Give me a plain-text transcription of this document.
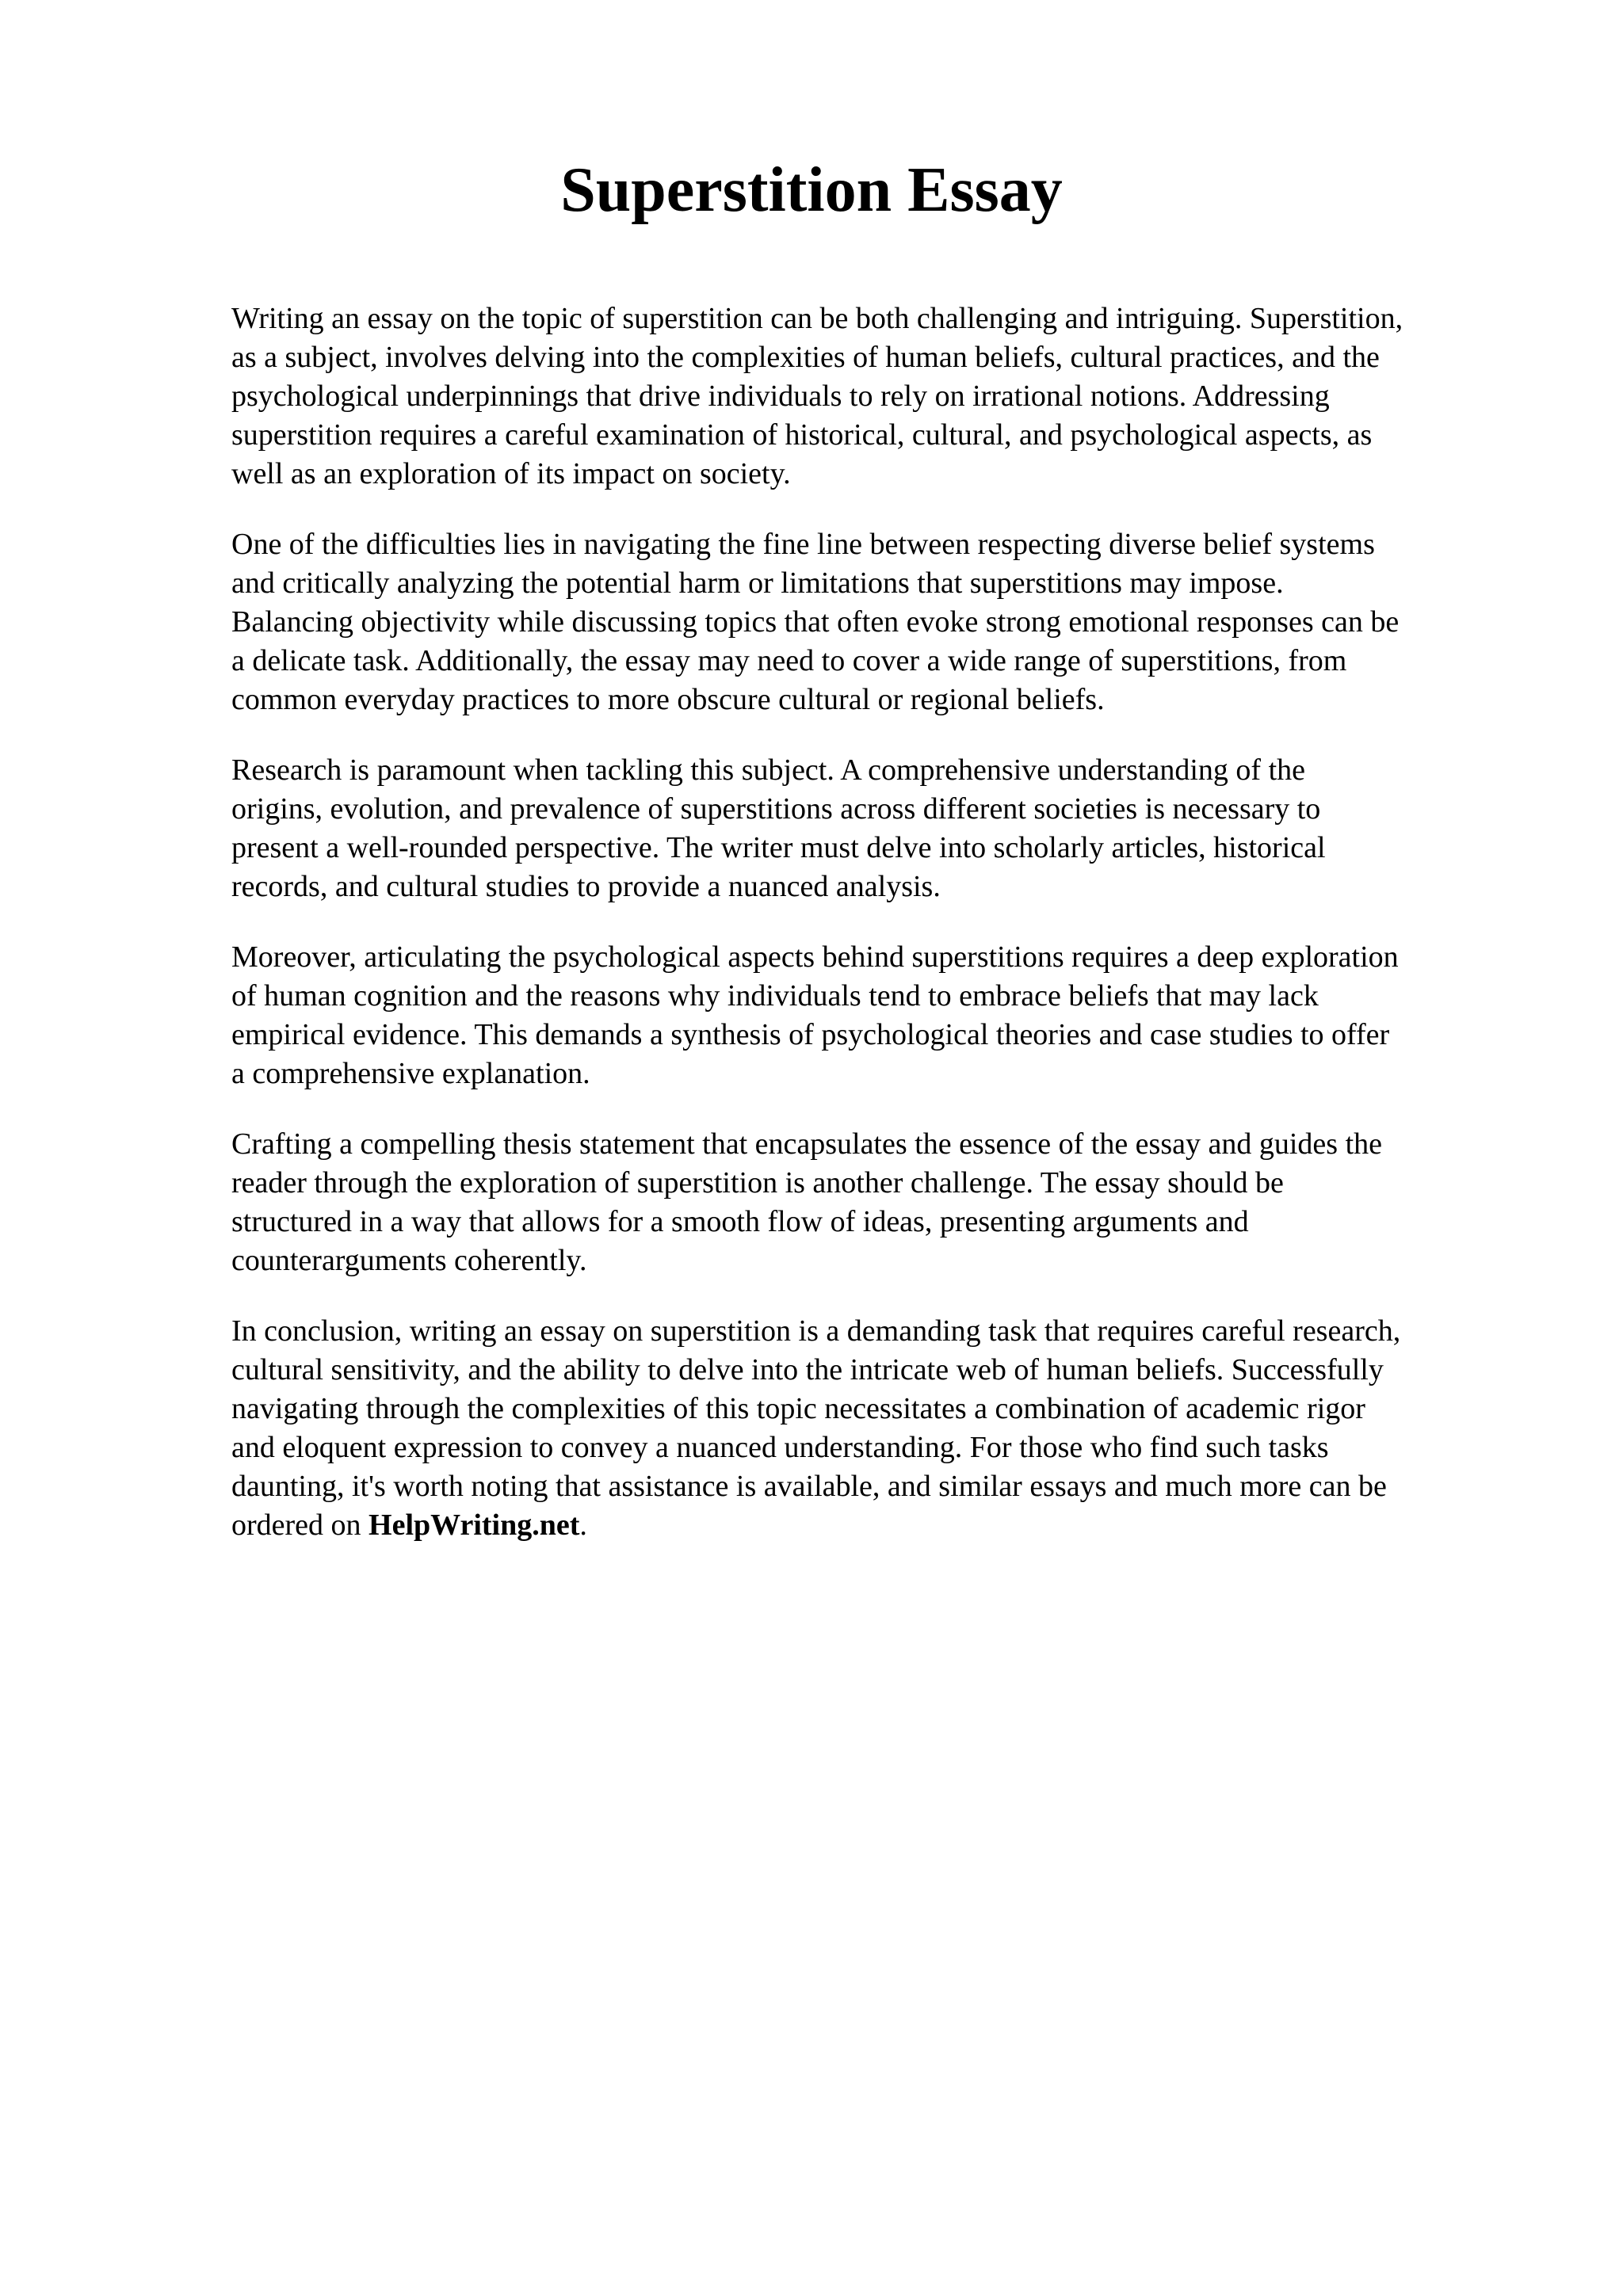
Superstition Essay

Writing an essay on the topic of superstition can be both challenging and intriguing. Superstition,
as a subject, involves delving into the complexities of human beliefs, cultural practices, and the
psychological underpinnings that drive individuals to rely on irrational notions. Addressing
superstition requires a careful examination of historical, cultural, and psychological aspects, as
well as an exploration of its impact on society.

One of the difficulties lies in navigating the fine line between respecting diverse belief systems
and critically analyzing the potential harm or limitations that superstitions may impose.
Balancing objectivity while discussing topics that often evoke strong emotional responses can be
a delicate task. Additionally, the essay may need to cover a wide range of superstitions, from
common everyday practices to more obscure cultural or regional beliefs.

Research is paramount when tackling this subject. A comprehensive understanding of the
origins, evolution, and prevalence of superstitions across different societies is necessary to
present a well-rounded perspective. The writer must delve into scholarly articles, historical
records, and cultural studies to provide a nuanced analysis.

Moreover, articulating the psychological aspects behind superstitions requires a deep exploration
of human cognition and the reasons why individuals tend to embrace beliefs that may lack
empirical evidence. This demands a synthesis of psychological theories and case studies to offer
a comprehensive explanation.

Crafting a compelling thesis statement that encapsulates the essence of the essay and guides the
reader through the exploration of superstition is another challenge. The essay should be
structured in a way that allows for a smooth flow of ideas, presenting arguments and
counterarguments coherently.

In conclusion, writing an essay on superstition is a demanding task that requires careful research,
cultural sensitivity, and the ability to delve into the intricate web of human beliefs. Successfully
navigating through the complexities of this topic necessitates a combination of academic rigor
and eloquent expression to convey a nuanced understanding. For those who find such tasks
daunting, it's worth noting that assistance is available, and similar essays and much more can be
ordered on HelpWriting.net.
